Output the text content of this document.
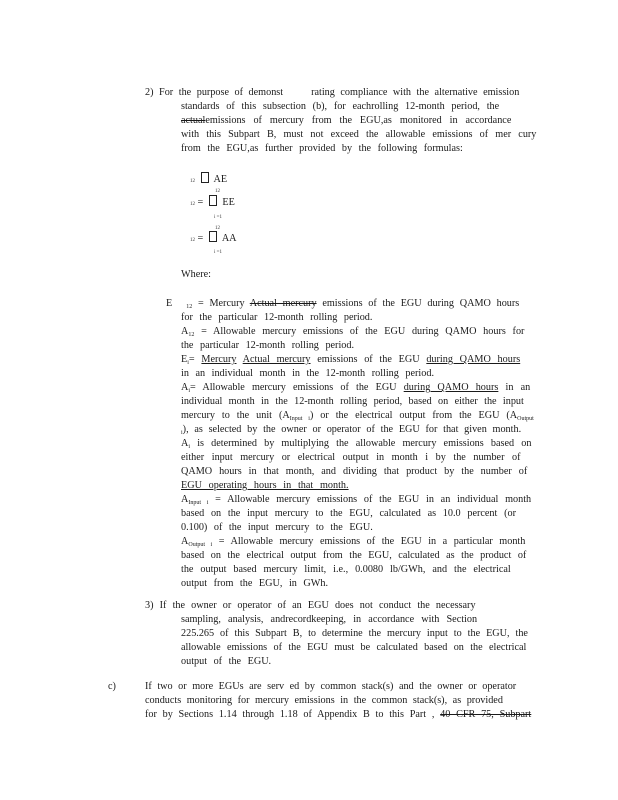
2) For the purpose of demonst	rating compliance with the alternative emission
standards of this subsection (b), for eachrolling 12-month period, the
actualemissions of mercury from the EGU,as monitored in accordance
with this Subpart B, must not exceed the allowable emissions of mer cury
from the EGU,as further provided by the following formulas:
12 AE
12
12 = EE
i =1
12
12 = AA
i =1
Where:
E $_{12}$ = Mercury Actual mercury emissions of the EGU during QAMO hours
for the particular 12-month rolling period.
$A_{12}$ = Allowable mercury emissions of the EGU during QAMO hours for
the particular 12-month rolling period.
$E_i=$ Mercury Actual mercury emissions of the EGU during QAMO hours
in an individual month in the 12-month rolling period.
$A_i=$ Allowable mercury emissions of the EGU during QAMO hours in an
individual month in the 12-month rolling period, based on either the input
mercury to the unit $(A_{Input i})$ or the electrical output from the EGU ($A_{Output}$
$_i$), as selected by the owner or operator of the EGU for that given month.
$A_i$ is determined by multiplying the allowable mercury emissions based on
either input mercury or electrical output in month i by the number of
QAMO hours in that month, and dividing that product by the number of
EGU operating hours in that month.
$A_{Input i}$ = Allowable mercury emissions of the EGU in an individual month
based on the input mercury to the EGU, calculated as 10.0 percent (or
0.100) of the input mercury to the EGU.
$A_{Output i}$ = Allowable mercury emissions of the EGU in a particular month
based on the electrical output from the EGU, calculated as the product of
the output based mercury limit, i.e., 0.0080 lb/GWh, and the electrical
output from the EGU, in GWh.
3) If the owner or operator of an EGU does not conduct the necessary
sampling, analysis, andrecordkeeping, in accordance with Section
225.265 of this Subpart B, to determine the mercury input to the EGU, the
allowable emissions of the EGU must be calculated based on the electrical
output of the EGU.
c)	If two or more EGUs are serv ed by common stack(s) and the owner or operator
conducts monitoring for mercury emissions in the common stack(s), as provided
for by Sections 1.14 through 1.18 of Appendix B to this Part , 40 CFR 75, Subpart
